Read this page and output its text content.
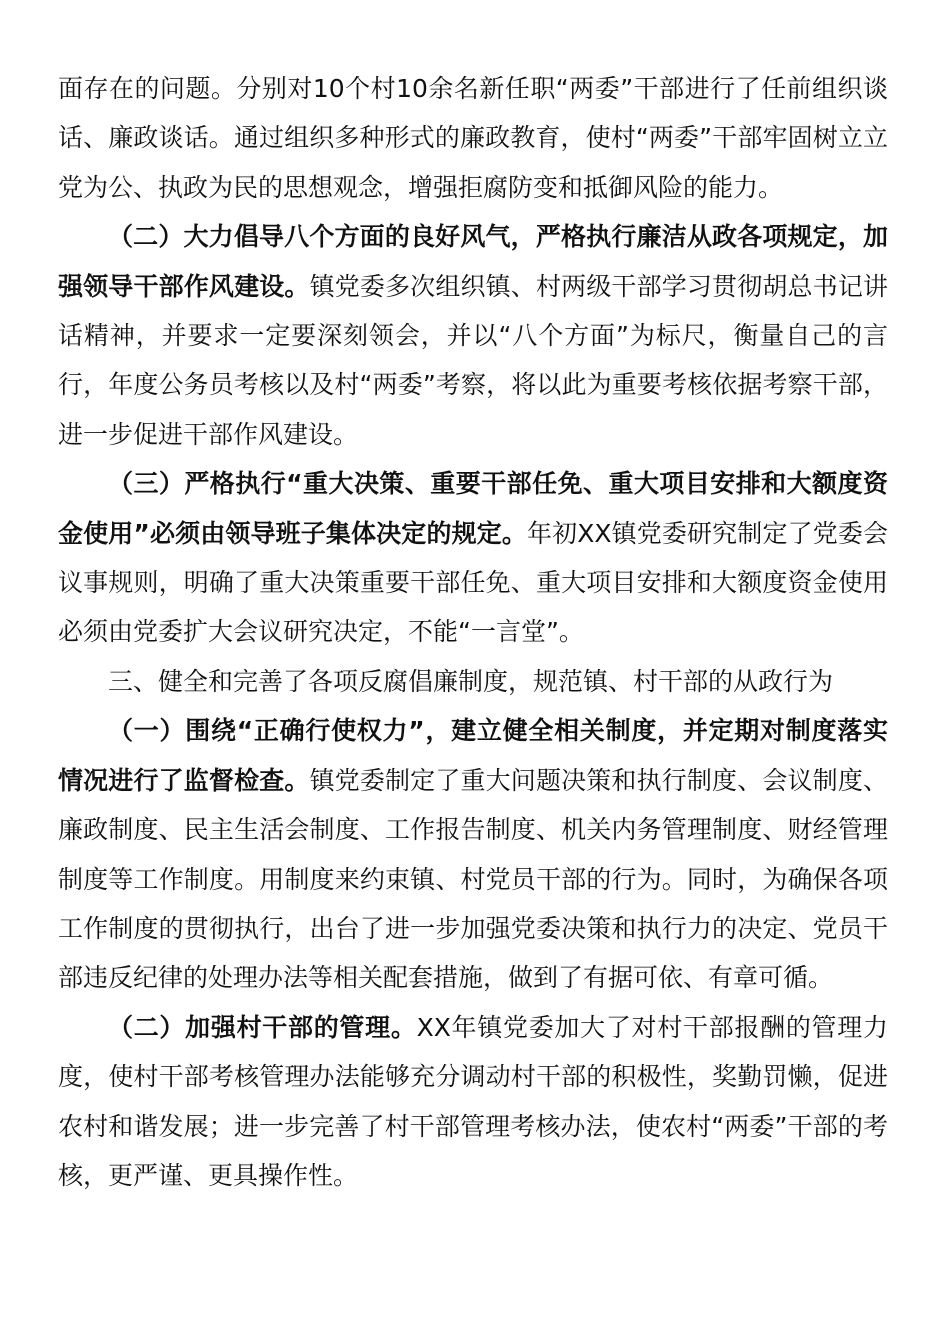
面存在的问题。分别对10个村10余名新任职“两委”干部进行了任前组织谈话、廉政谈话。通过组织多种形式的廉政教育，使村“两委”干部牢固树立立党为公、执政为民的思想观念，增强拒腐防变和抵御风险的能力。

（二）大力倡导八个方面的良好风气，严格执行廉洁从政各项规定，加强领导干部作风建设。镇党委多次组织镇、村两级干部学习贯彻胡总书记讲话精神，并要求一定要深刻领会，并以“八个方面”为标尺，衡量自己的言行，年度公务员考核以及村“两委”考察，将以此为重要考核依据考察干部，进一步促进干部作风建设。

（三）严格执行“重大决策、重要干部任免、重大项目安排和大额度资金使用”必须由领导班子集体决定的规定。年初XX镇党委研究制定了党委会议事规则，明确了重大决策重要干部任免、重大项目安排和大额度资金使用必须由党委扩大会议研究决定，不能“一言堂”。

三、健全和完善了各项反腐倡廉制度，规范镇、村干部的从政行为

（一）围绕“正确行使权力”，建立健全相关制度，并定期对制度落实情况进行了监督检查。镇党委制定了重大问题决策和执行制度、会议制度、廉政制度、民主生活会制度、工作报告制度、机关内务管理制度、财经管理制度等工作制度。用制度来约束镇、村党员干部的行为。同时，为确保各项工作制度的贯彻执行，出台了进一步加强党委决策和执行力的决定、党员干部违反纪律的处理办法等相关配套措施，做到了有据可依、有章可循。

（二）加强村干部的管理。XX年镇党委加大了对村干部报酬的管理力度，使村干部考核管理办法能够充分调动村干部的积极性，奖勤罚懒，促进农村和谐发展；进一步完善了村干部管理考核办法，使农村“两委”干部的考核，更严谨、更具操作性。
